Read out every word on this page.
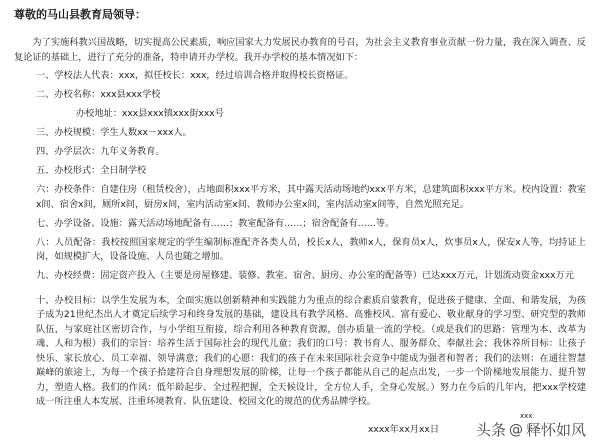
尊敬的马山县教育局领导：

为了实施科教兴国战略，切实提高公民素质，响应国家大力发展民办教育的号召，为社会主义教育事业贡献一份力量，我在深入调查、反复论证的基础上，进行了充分的准备，特申请开办学校。我开办学校的基本情况如下：

一、学校法人代表：xxx，拟任校长：xxx，经过培训合格并取得校长资格证。

二、办校名称：xxx县xxx学校

办校地址：xxx县xxx镇xxx街xxx号

三、办校规模：学生人数xx－xxx人。

四、办学层次：九年义务教育。

五、办校形式：全日制学校

六：办校条件：自建住房（租赁校舍），占地面积xxx平方米，其中露天活动场地约xxx平方米，总建筑面积xxx平方米。校内设置：教室x间、宿舍x间，厕所x间，厨房x间，室内活动室x间、教师办公室x间，室内活动室x间等，自然光照充足。

七、办学设备、设施：露天活动场地配备有……；教室配备有……；宿舍配备有……等。

八：人员配备：我校按照国家规定的学生编制标准配齐各类人员，校长x人，教师x人，保育员x人，炊事员x人，保安x人等，均持证上岗，如规模扩大，设备设施、人员也随之增加。

九、办校经费：固定资产投入（主要是房屋修建、装修、教室、宿舍、厨房、办公室的配备等）已达xxx万元，计划流动资金xxx万元

十、办校目标：以学生发展为本，全面实施以创新精神和实践能力为重点的综合素质启蒙教育，促进孩子健康、全面、和谐发展，为孩子成为21世纪杰出人才奠定后续学习和终身发展的基础，建设具有教学风格、高雅校风、富有爱心、敬业献身的学习型、研究型的教师队伍，与家庭社区密切合作，与小学组互衔接，综合利用各种教育资源，创办质量一流的学校。（或是我们的思路：管理为本、改革为魂、人和为根）我们的宗旨：培养生活于国际社会的现代儿童；我们的口号：教书育人、服务群众、奉献社会；我休养所目标：让孩子快乐、家长放心、员工幸福、领导满意；我们的心愿：我们的孩子在未来国际社会竞争中能成为强者和智者；我们的法则：在通往智慧巅峰的旅途上，为每一个孩子拾建符合自身理想发展的阶梯，让每一个孩子都能从自己的起点出发，一步一个阶梯地发展能力、提升智力，塑造人格。我们的作风：低年龄起步、全过程把握，全天候设计，全方位人手，全身心发展。）努力在今后的几年内，把xxx学校建成一所注重人本发展、注重环境教育、队伍建设、校园文化的规范的优秀品牌学校。

xxx
xxxx年xx月xx日 头条 @ 释怀如风
